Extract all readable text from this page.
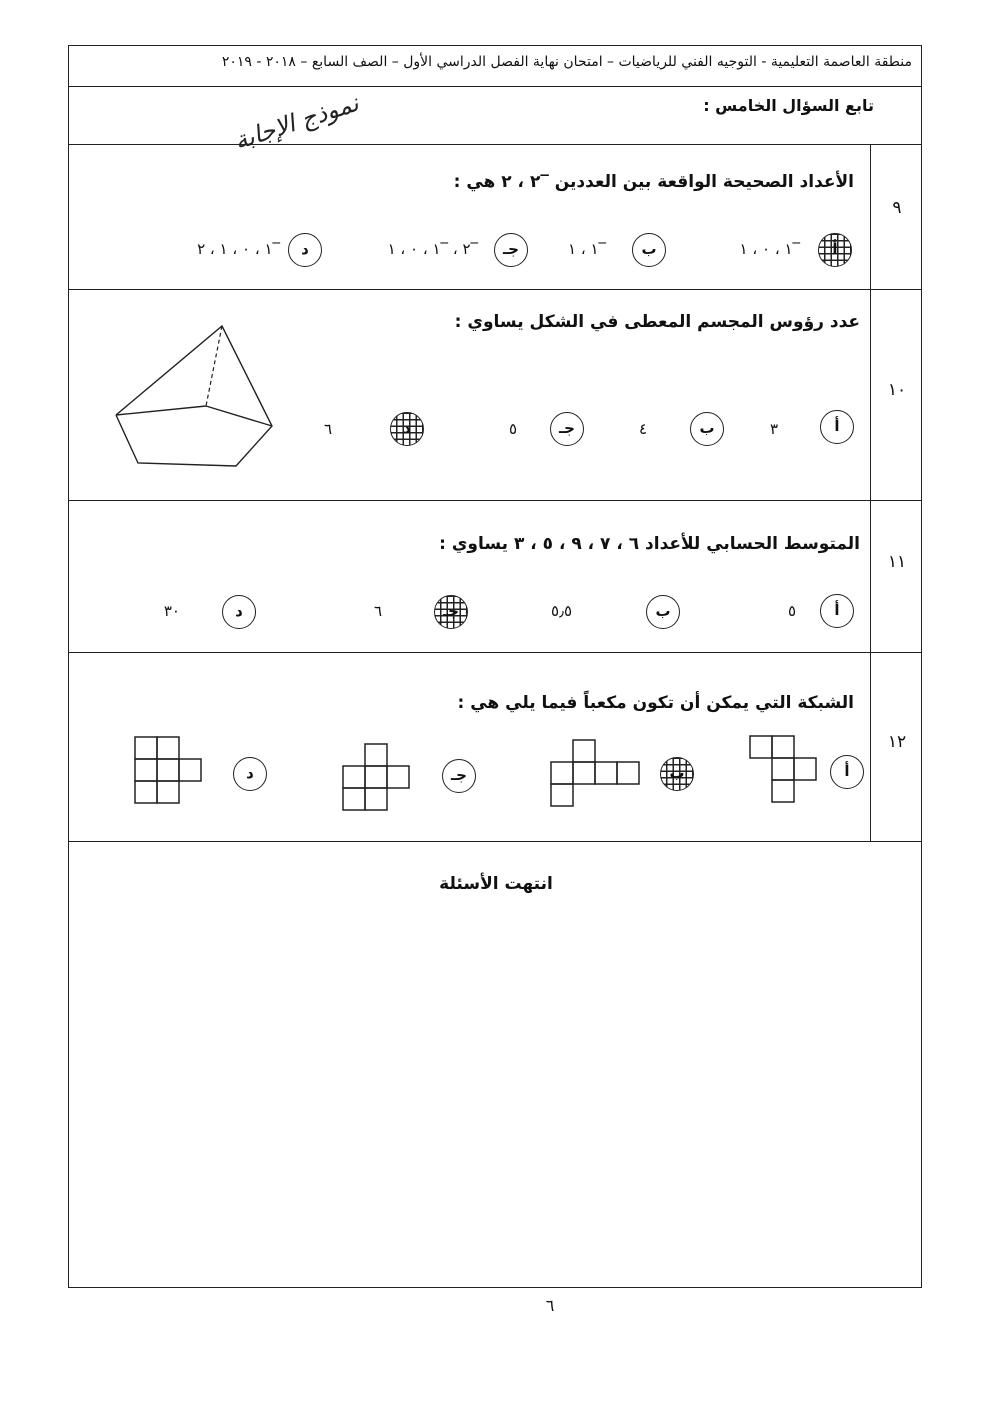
منطقة العاصمة التعليمية - التوجيه الفني للرياضيات – امتحان نهاية الفصل الدراسي الأول – الصف السابع – ٢٠١٨ - ٢٠١٩
تابع السؤال الخامس :
نموذج الإجابة
٩
الأعداد الصحيحة الواقعة بين العددين ‾٢ ، ٢ هي :
أ
‾١ ، ٠ ، ١
ب
‾١ ، ١
جـ
‾٢ ، ‾١ ، ٠ ، ١
د
‾١ ، ٠ ، ١ ، ٢
١٠
عدد رؤوس المجسم المعطى في الشكل يساوي :
أ
٣
ب
٤
جـ
٥
د
٦
١١
المتوسط الحسابي للأعداد ٦ ، ٧ ، ٩ ، ٥ ، ٣ يساوي :
أ
٥
ب
٥٫٥
جـ
٦
د
٣٠
١٢
الشبكة التي يمكن أن تكون مكعباً فيما يلي هي :
أ
ب
جـ
د
انتهت الأسئلة
٦
